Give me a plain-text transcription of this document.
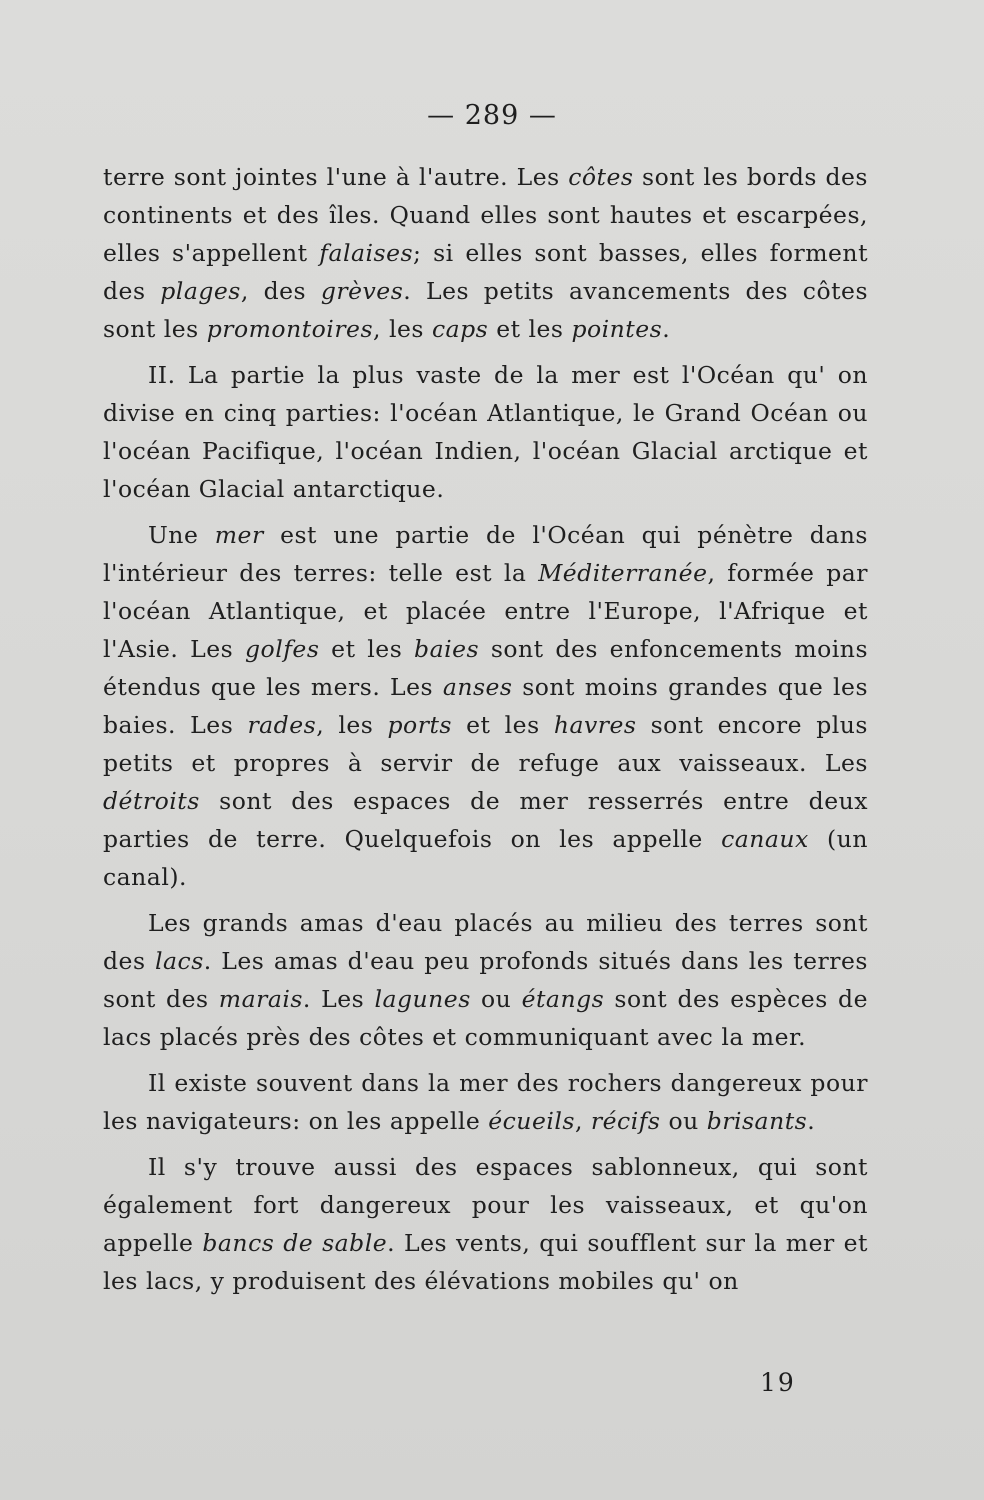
— 289 —

terre sont jointes l'une à l'autre. Les côtes sont les bords des continents et des îles. Quand elles sont hautes et escarpées, elles s'appellent falaises; si elles sont basses, elles forment des plages, des grèves. Les petits avancements des côtes sont les promontoires, les caps et les pointes.

II. La partie la plus vaste de la mer est l'Océan qu' on divise en cinq parties: l'océan Atlantique, le Grand Océan ou l'océan Pacifique, l'océan Indien, l'océan Glacial arctique et l'océan Glacial antarctique.

Une mer est une partie de l'Océan qui pénètre dans l'intérieur des terres: telle est la Méditerranée, formée par l'océan Atlantique, et placée entre l'Europe, l'Afrique et l'Asie. Les golfes et les baies sont des enfoncements moins étendus que les mers. Les anses sont moins grandes que les baies. Les rades, les ports et les havres sont encore plus petits et propres à servir de refuge aux vaisseaux. Les détroits sont des espaces de mer resserrés entre deux parties de terre. Quelquefois on les appelle canaux (un canal).

Les grands amas d'eau placés au milieu des terres sont des lacs. Les amas d'eau peu profonds situés dans les terres sont des marais. Les lagunes ou étangs sont des espèces de lacs placés près des côtes et communiquant avec la mer.

Il existe souvent dans la mer des rochers dangereux pour les navigateurs: on les appelle écueils, récifs ou brisants.

Il s'y trouve aussi des espaces sablonneux, qui sont également fort dangereux pour les vaisseaux, et qu'on appelle bancs de sable. Les vents, qui soufflent sur la mer et les lacs, y produisent des élévations mobiles qu' on

19
